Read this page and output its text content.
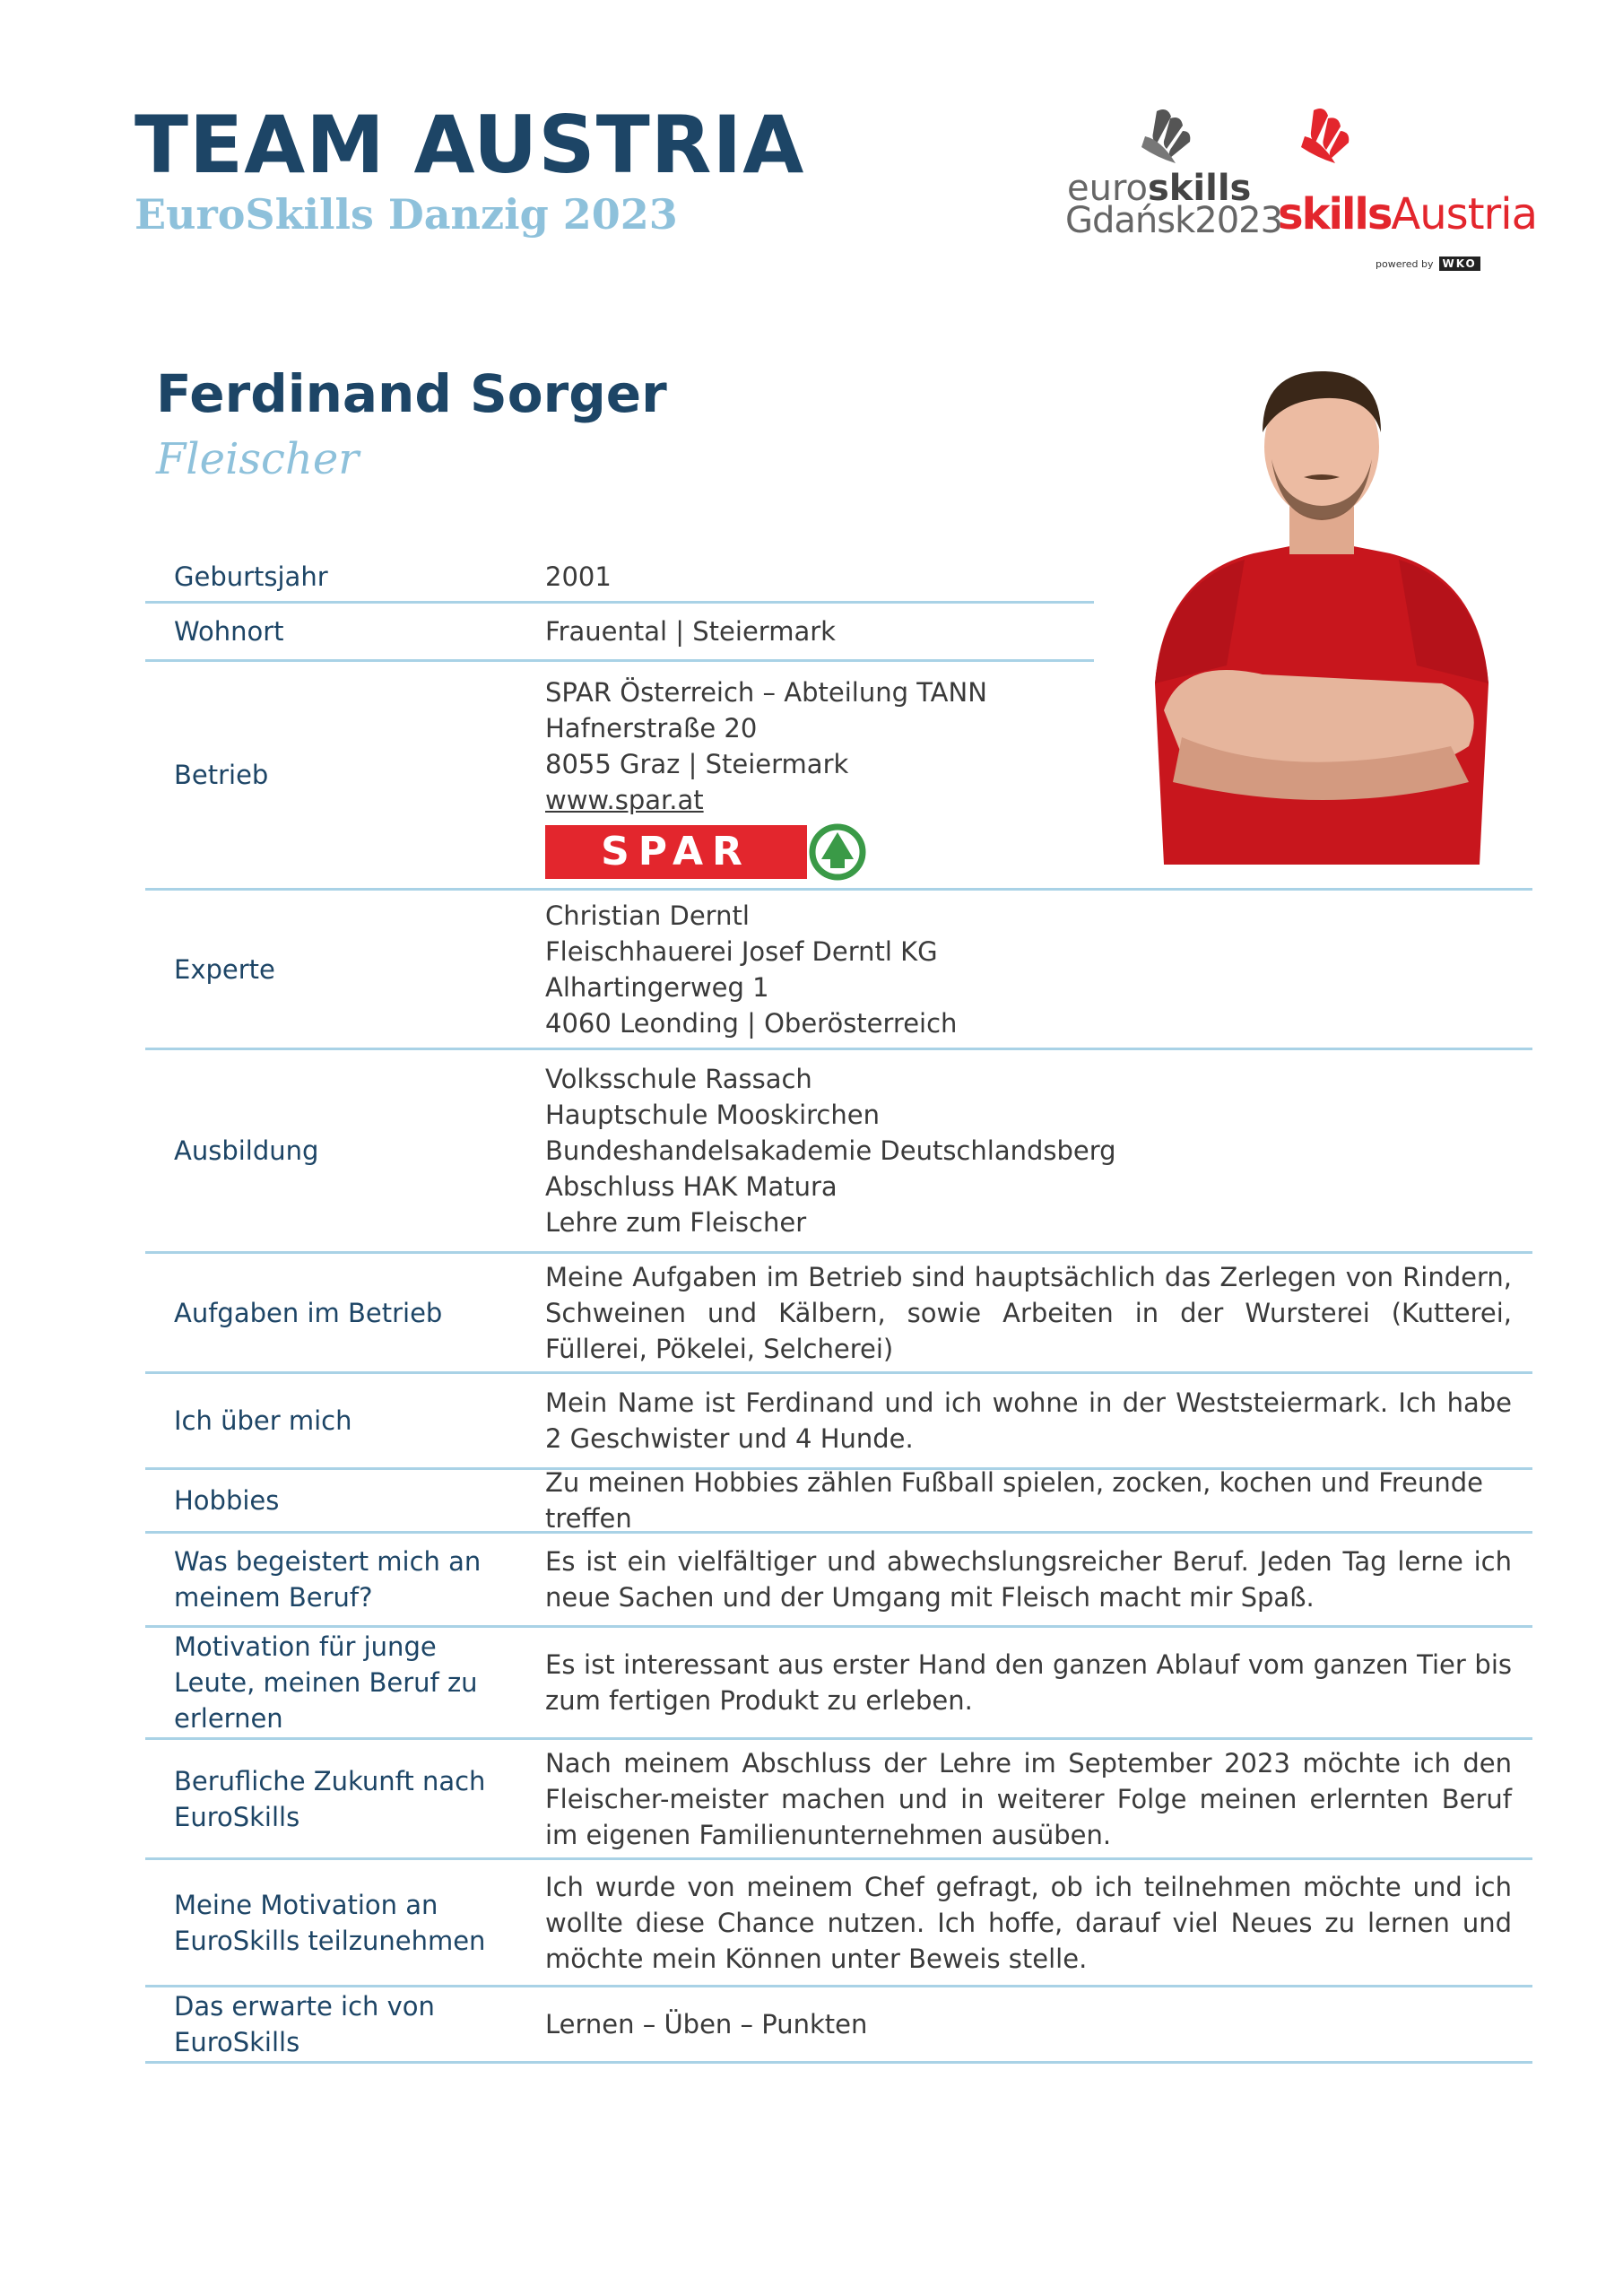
TEAM AUSTRIA
EuroSkills Danzig 2023
euroskills
Gdańsk2023
skillsAustria
powered by WKO
Ferdinand Sorger
Fleischer
Geburtsjahr	2001
Wohnort	Frauental | Steiermark
Betrieb
SPAR Österreich – Abteilung TANN
Hafnerstraße 20
8055 Graz | Steiermark
www.spar.at
SPAR
Experte
Christian Derntl
Fleischhauerei Josef Derntl KG
Alhartingerweg 1
4060 Leonding | Oberösterreich
Ausbildung
Volksschule Rassach
Hauptschule Mooskirchen
Bundeshandelsakademie Deutschlandsberg
Abschluss HAK Matura
Lehre zum Fleischer
Aufgaben im Betrieb
Meine Aufgaben im Betrieb sind hauptsächlich das Zerlegen von Rindern, Schweinen und Kälbern, sowie Arbeiten in der Wursterei (Kutterei, Füllerei, Pökelei, Selcherei)
Ich über mich
Mein Name ist Ferdinand und ich wohne in der Weststeiermark. Ich habe 2 Geschwister und 4 Hunde.
Hobbies
Zu meinen Hobbies zählen Fußball spielen, zocken, kochen und Freunde treffen
Was begeistert mich an meinem Beruf?
Es ist ein vielfältiger und abwechslungsreicher Beruf. Jeden Tag lerne ich neue Sachen und der Umgang mit Fleisch macht mir Spaß.
Motivation für junge Leute, meinen Beruf zu erlernen
Es ist interessant aus erster Hand den ganzen Ablauf vom ganzen Tier bis zum fertigen Produkt zu erleben.
Berufliche Zukunft nach EuroSkills
Nach meinem Abschluss der Lehre im September 2023 möchte ich den Fleischer-meister machen und in weiterer Folge meinen erlernten Beruf im eigenen Familienunternehmen ausüben.
Meine Motivation an EuroSkills teilzunehmen
Ich wurde von meinem Chef gefragt, ob ich teilnehmen möchte und ich wollte diese Chance nutzen. Ich hoffe, darauf viel Neues zu lernen und möchte mein Können unter Beweis stelle.
Das erwarte ich von EuroSkills
Lernen – Üben – Punkten
